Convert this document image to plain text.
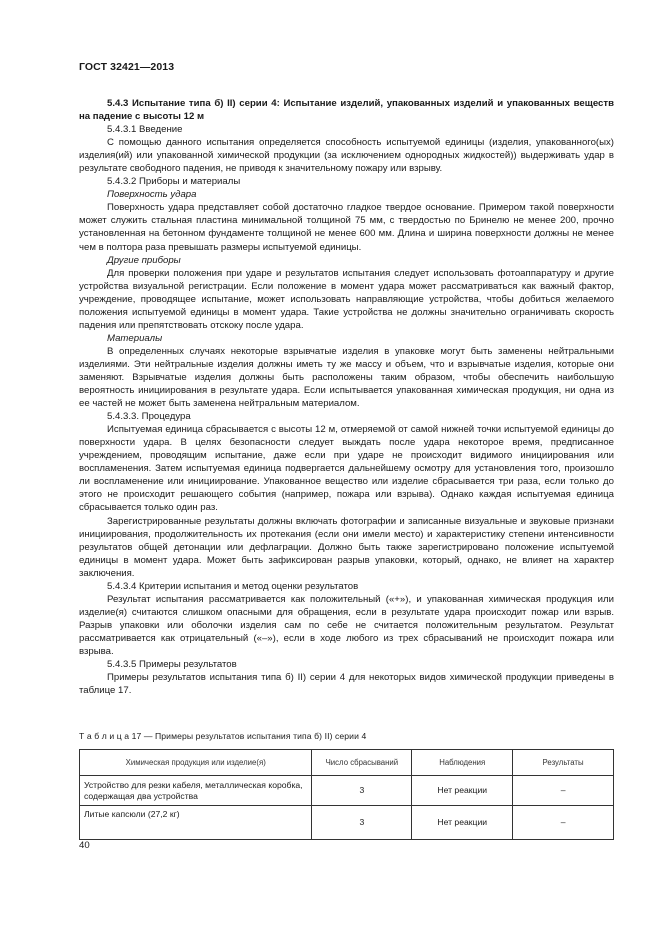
ГОСТ 32421—2013

5.4.3 Испытание типа б) II) серии 4: Испытание изделий, упакованных изделий и упакованных веществ на падение с высоты 12 м

5.4.3.1 Введение

С помощью данного испытания определяется способность испытуемой единицы (изделия, упакованного(ых) изделия(ий) или упакованной химической продукции (за исключением однородных жидкостей)) выдерживать удар в результате свободного падения, не приводя к значительному пожару или взрыву.

5.4.3.2 Приборы и материалы

Поверхность удара

Поверхность удара представляет собой достаточно гладкое твердое основание. Примером такой поверхности может служить стальная пластина минимальной толщиной 75 мм, с твердостью по Бринелю не менее 200, прочно установленная на бетонном фундаменте толщиной не менее 600 мм. Длина и ширина поверхности должны не менее чем в полтора раза превышать размеры испытуемой единицы.

Другие приборы

Для проверки положения при ударе и результатов испытания следует использовать фотоаппаратуру и другие устройства визуальной регистрации. Если положение в момент удара может рассматриваться как важный фактор, учреждение, проводящее испытание, может использовать направляющие устройства, чтобы добиться желаемого положения испытуемой единицы в момент удара. Такие устройства не должны значительно ограничивать скорость падения или препятствовать отскоку после удара.

Материалы

В определенных случаях некоторые взрывчатые изделия в упаковке могут быть заменены нейтральными изделиями. Эти нейтральные изделия должны иметь ту же массу и объем, что и взрывчатые изделия, которые они заменяют. Взрывчатые изделия должны быть расположены таким образом, чтобы обеспечить наибольшую вероятность инициирования в результате удара. Если испытывается упакованная химическая продукция, ни одна из ее частей не может быть заменена нейтральным материалом.

5.4.3.3. Процедура

Испытуемая единица сбрасывается с высоты 12 м, отмеряемой от самой нижней точки испытуемой единицы до поверхности удара. В целях безопасности следует выждать после удара некоторое время, предписанное учреждением, проводящим испытание, даже если при ударе не происходит видимого инициирования или воспламенения. Затем испытуемая единица подвергается дальнейшему осмотру для установления того, произошло ли воспламенение или инициирование. Упакованное вещество или изделие сбрасывается три раза, если только до этого не происходит решающего события (например, пожара или взрыва). Однако каждая испытуемая единица сбрасывается только один раз.

Зарегистрированные результаты должны включать фотографии и записанные визуальные и звуковые признаки инициирования, продолжительность их протекания (если они имели место) и характеристику степени интенсивности результатов общей детонации или дефлаграции. Должно быть также зарегистрировано положение испытуемой единицы в момент удара. Может быть зафиксирован разрыв упаковки, который, однако, не влияет на характер заключения.

5.4.3.4 Критерии испытания и метод оценки результатов

Результат испытания рассматривается как положительный («+»), и упакованная химическая продукция или изделие(я) считаются слишком опасными для обращения, если в результате удара происходит пожар или взрыв. Разрыв упаковки или оболочки изделия сам по себе не считается положительным результатом. Результат рассматривается как отрицательный («–»), если в ходе любого из трех сбрасываний не происходит пожара или взрыва.

5.4.3.5 Примеры результатов

Примеры результатов испытания типа б) II) серии 4 для некоторых видов химической продукции приведены в таблице 17.

Т а б л и ц а 17 — Примеры результатов испытания типа б) II) серии 4
Химическая продукция или изделие(я)	Число сбрасываний	Наблюдения	Результаты
Устройство для резки кабеля, металлическая коробка, содержащая два устройства	3	Нет реакции	–
Литые капсюли (27,2 кг)	3	Нет реакции	–
40
